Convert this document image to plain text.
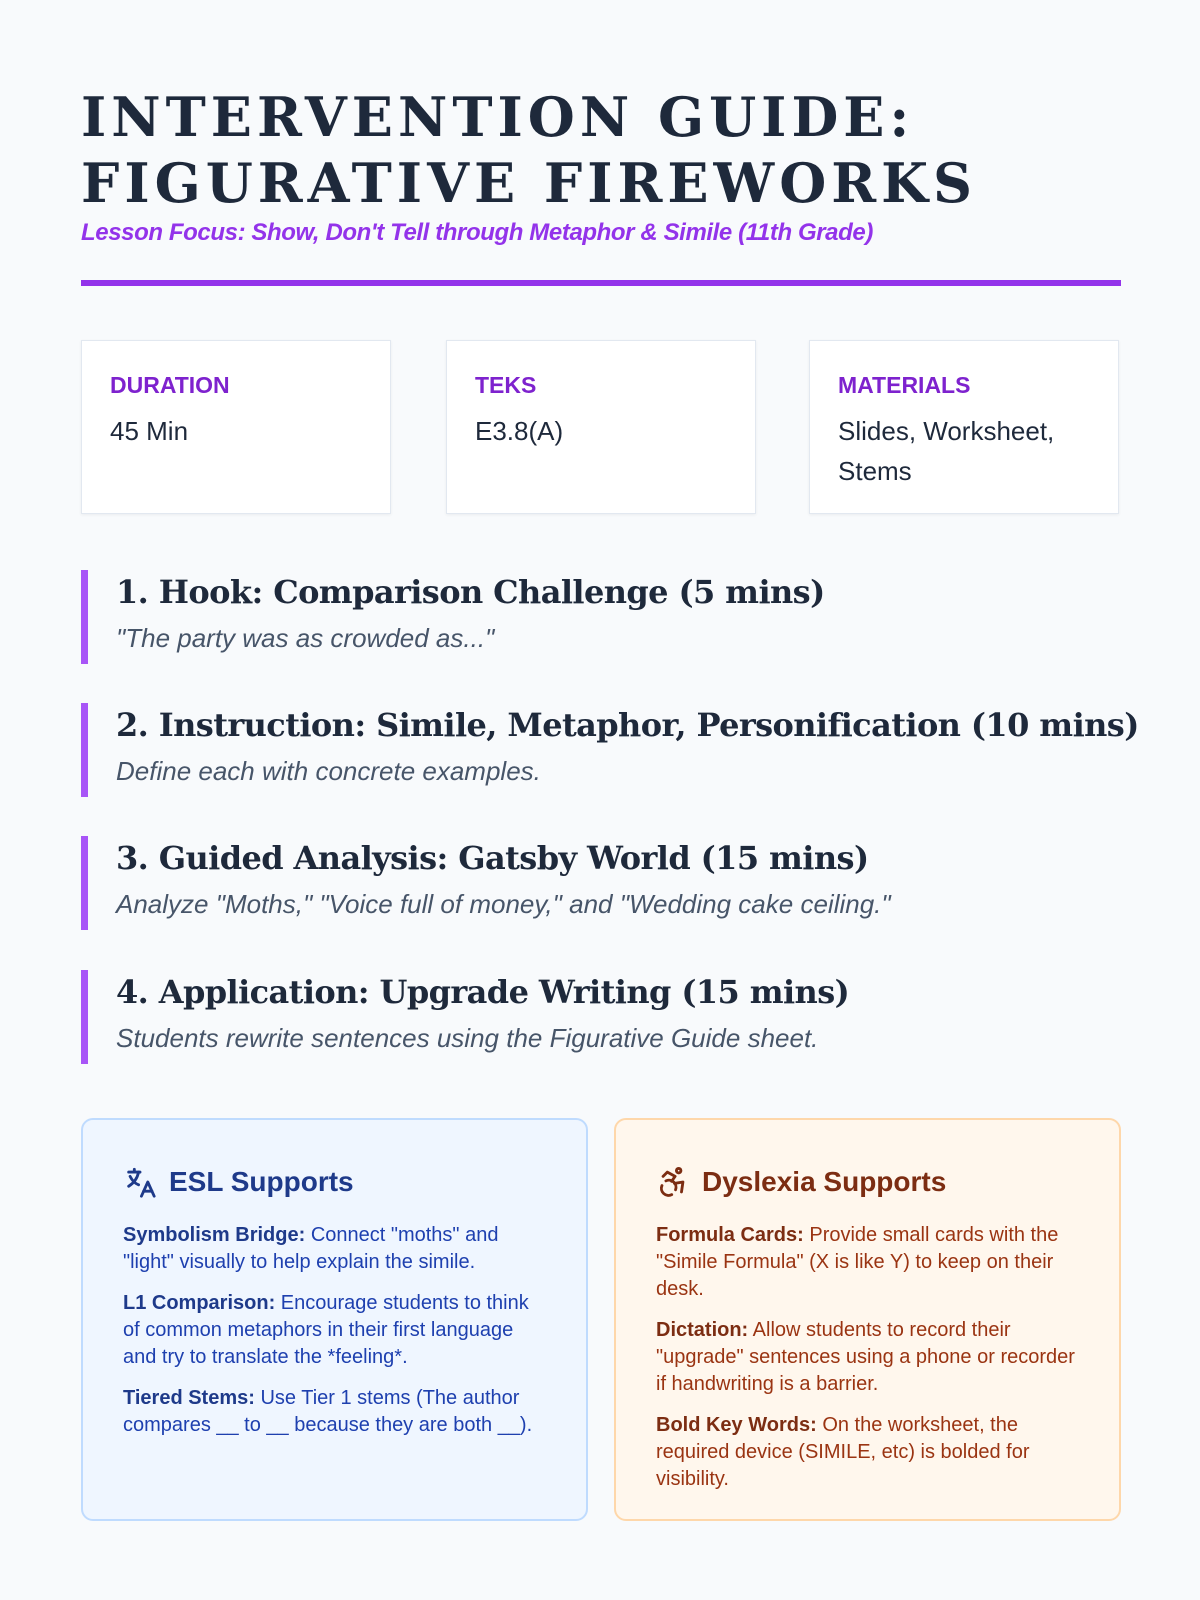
INTERVENTION GUIDE:
FIGURATIVE FIREWORKS
Lesson Focus: Show, Don't Tell through Metaphor & Simile (11th Grade)
DURATION
45 Min
TEKS
E3.8(A)
MATERIALS
Slides, Worksheet, Stems
1. Hook: Comparison Challenge (5 mins)
"The party was as crowded as..."
2. Instruction: Simile, Metaphor, Personification (10 mins)
Define each with concrete examples.
3. Guided Analysis: Gatsby World (15 mins)
Analyze "Moths," "Voice full of money," and "Wedding cake ceiling."
4. Application: Upgrade Writing (15 mins)
Students rewrite sentences using the Figurative Guide sheet.
ESL Supports

Symbolism Bridge: Connect "moths" and "light" visually to help explain the simile.

L1 Comparison: Encourage students to think of common metaphors in their first language and try to translate the *feeling*.

Tiered Stems: Use Tier 1 stems (The author compares __ to __ because they are both __).

Dyslexia Supports

Formula Cards: Provide small cards with the "Simile Formula" (X is like Y) to keep on their desk.

Dictation: Allow students to record their "upgrade" sentences using a phone or recorder if handwriting is a barrier.

Bold Key Words: On the worksheet, the required device (SIMILE, etc) is bolded for visibility.
